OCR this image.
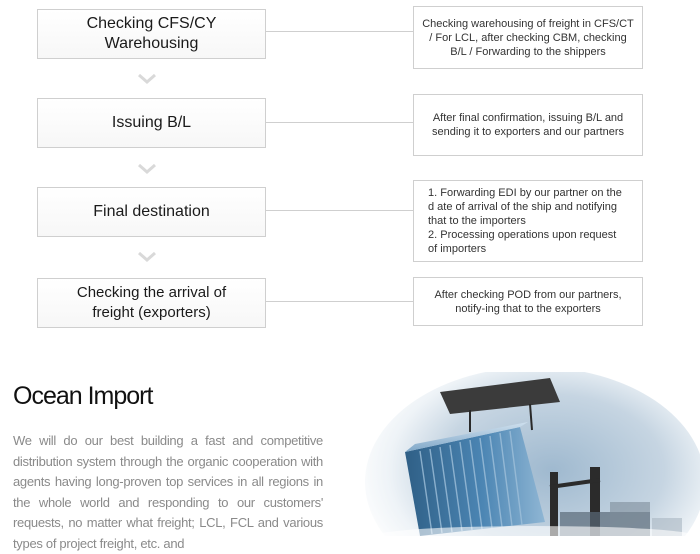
Checking CFS/CY Warehousing
Checking warehousing of freight in CFS/CT / For LCL, after checking CBM, checking B/L / Forwarding to the shippers
Issuing B/L	After final confirmation, issuing B/L and sending it to exporters and our partners
Final destination
1. Forwarding EDI by our partner on the d ate of arrival of the ship and notifying that to the importers
2. Processing operations upon request of importers
Checking the arrival of freight (exporters)
After checking POD from our partners, notify-ing that to the exporters
Ocean Import

We will do our best building a fast and competitive distribution system through the organic cooperation with agents having long-proven top services in all regions in the whole world and responding to our customers' requests, no matter what freight; LCL, FCL and various types of project freight, etc. and
